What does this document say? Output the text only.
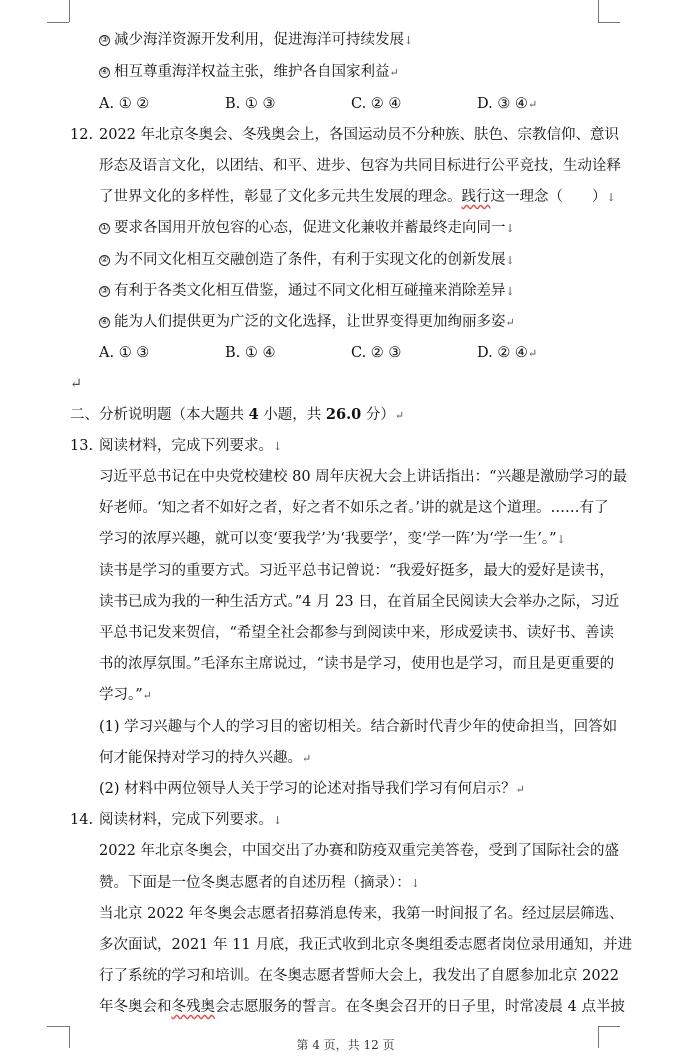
③ 减少海洋资源开发利用，促进海洋可持续发展↓
④ 相互尊重海洋权益主张，维护各自国家利益↵
A. ① ②	B. ① ③	C. ② ④	D. ③ ④↵
12. 2022 年北京冬奥会、冬残奥会上，各国运动员不分种族、肤色、宗教信仰、意识
形态及语言文化，以团结、和平、进步、包容为共同目标进行公平竞技，生动诠释
了世界文化的多样性，彰显了文化多元共生发展的理念。践行这一理念（　　）↓
① 要求各国用开放包容的心态，促进文化兼收并蓄最终走向同一↓
② 为不同文化相互交融创造了条件，有利于实现文化的创新发展↓
③ 有利于各类文化相互借鉴，通过不同文化相互碰撞来消除差异↓
④ 能为人们提供更为广泛的文化选择，让世界变得更加绚丽多姿↵
A. ① ③	B. ① ④	C. ② ③	D. ② ④↵
↵
二、分析说明题（本大题共 4 小题，共 26.0 分）↵
13. 阅读材料，完成下列要求。↓
习近平总书记在中央党校建校 80 周年庆祝大会上讲话指出：“兴趣是激励学习的最
好老师。‘知之者不如好之者，好之者不如乐之者。’讲的就是这个道理。……有了
学习的浓厚兴趣，就可以变‘要我学’为‘我要学’，变‘学一阵’为‘学一生’。”↓
读书是学习的重要方式。习近平总书记曾说：“我爱好挺多，最大的爱好是读书，
读书已成为我的一种生活方式。”4 月 23 日，在首届全民阅读大会举办之际，习近
平总书记发来贺信，“希望全社会都参与到阅读中来，形成爱读书、读好书、善读
书的浓厚氛围。”毛泽东主席说过，“读书是学习，使用也是学习，而且是更重要的
学习。”↵
(1) 学习兴趣与个人的学习目的密切相关。结合新时代青少年的使命担当，回答如
何才能保持对学习的持久兴趣。↵
(2) 材料中两位领导人关于学习的论述对指导我们学习有何启示？↵
14. 阅读材料，完成下列要求。↓
2022 年北京冬奥会，中国交出了办赛和防疫双重完美答卷，受到了国际社会的盛
赞。下面是一位冬奥志愿者的自述历程（摘录）：↓
当北京 2022 年冬奥会志愿者招募消息传来，我第一时间报了名。经过层层筛选、
多次面试，2021 年 11 月底，我正式收到北京冬奥组委志愿者岗位录用通知，并进
行了系统的学习和培训。在冬奥志愿者誓师大会上，我发出了自愿参加北京 2022
年冬奥会和冬残奥会志愿服务的誓言。在冬奥会召开的日子里，时常凌晨 4 点半披
第 4 页，共 12 页
